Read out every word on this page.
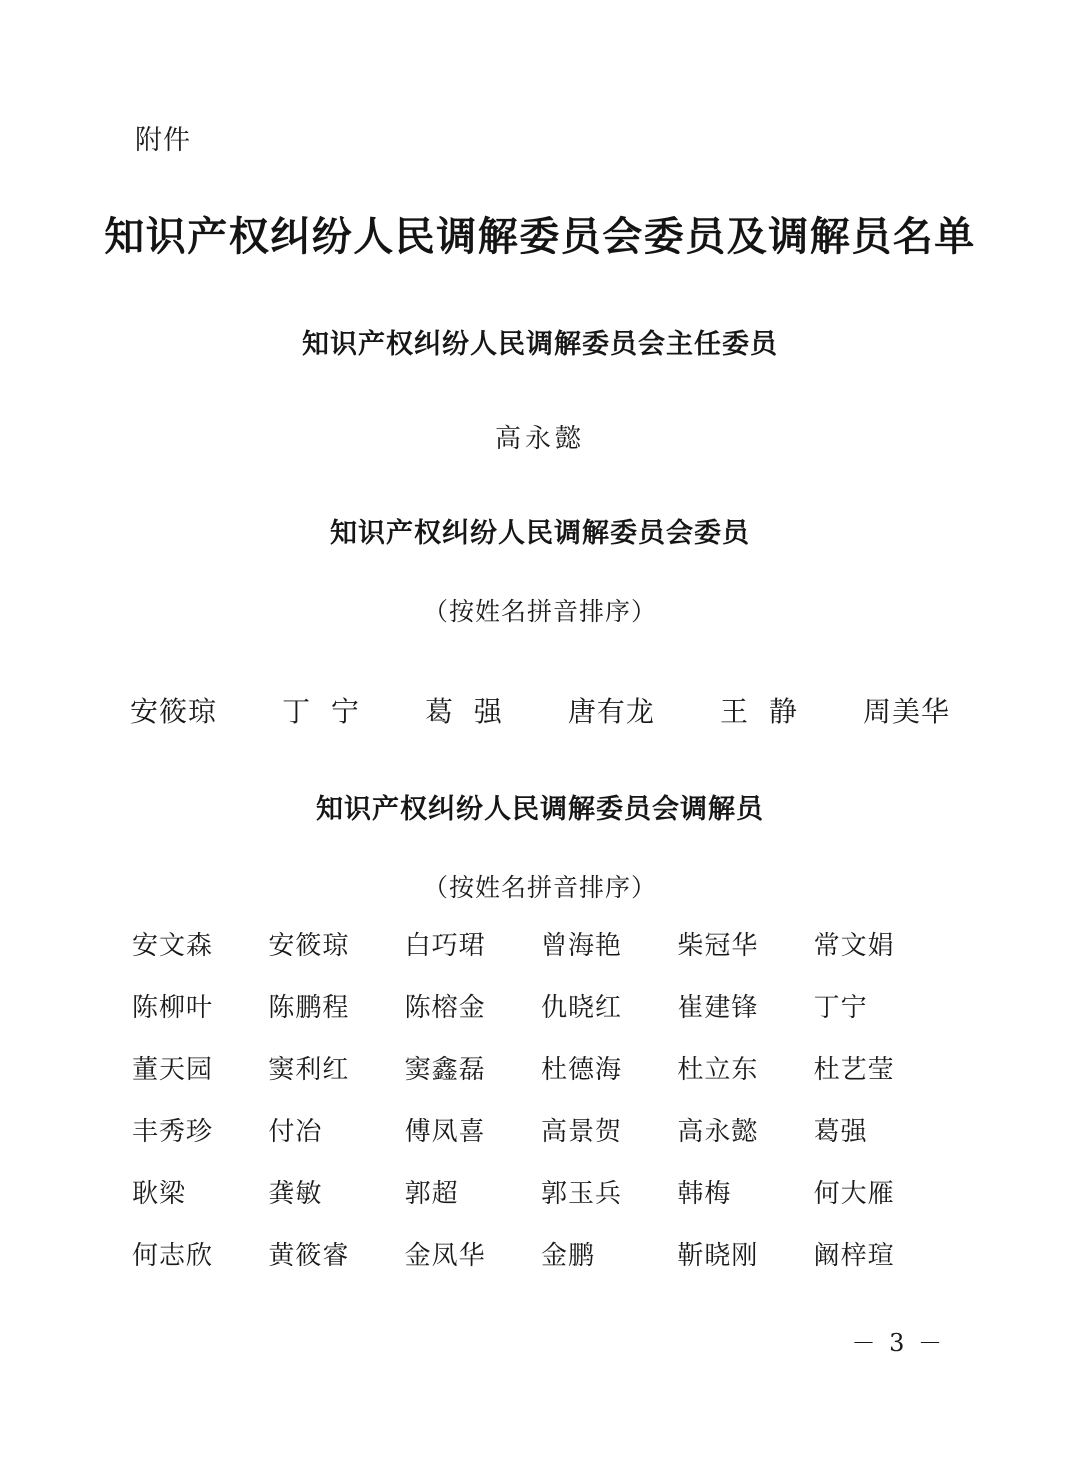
附件
知识产权纠纷人民调解委员会委员及调解员名单
知识产权纠纷人民调解委员会主任委员
高永懿
知识产权纠纷人民调解委员会委员
（按姓名拼音排序）
安筱琼 丁  宁 葛  强 唐有龙 王  静 周美华
知识产权纠纷人民调解委员会调解员
（按姓名拼音排序）
安文森	安筱琼	白巧珺	曾海艳	柴冠华	常文娟
陈柳叶	陈鹏程	陈榕金	仇晓红	崔建锋	丁宁
董天园	窦利红	窦鑫磊	杜德海	杜立东	杜艺莹
丰秀珍	付冶	傅凤喜	高景贺	高永懿	葛强
耿梁	龚敏	郭超	郭玉兵	韩梅	何大雁
何志欣	黄筱睿	金凤华	金鹏	靳晓刚	阚梓瑄
－ 3 －
